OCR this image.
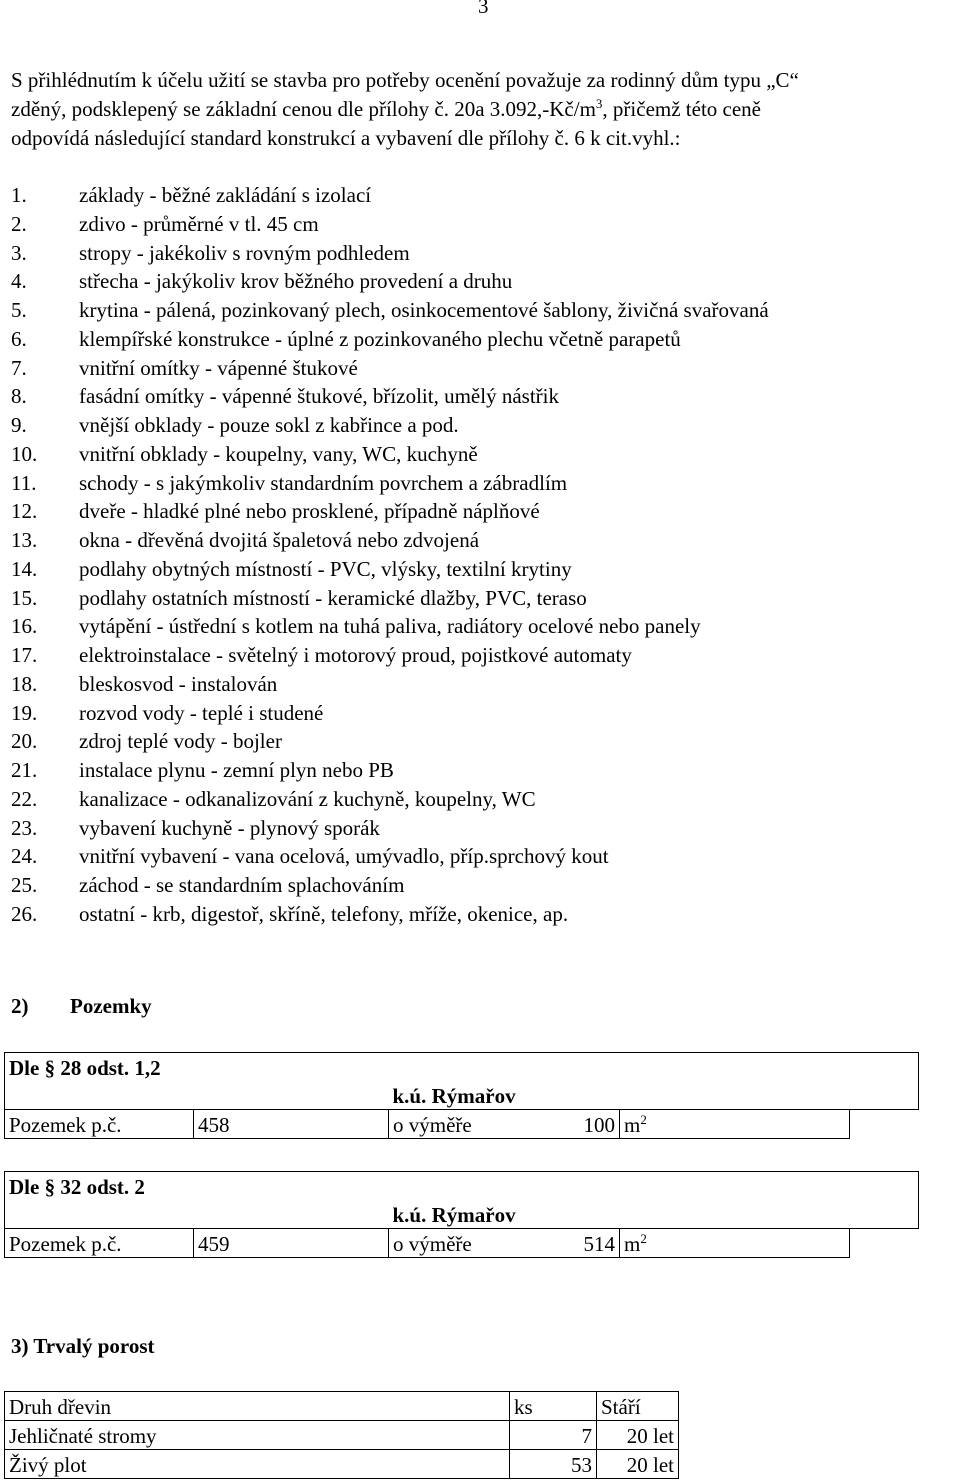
3
S přihlédnutím k účelu užití se stavba pro potřeby ocenění považuje za rodinný dům typu „C“
zděný, podsklepený se základní cenou dle přílohy č. 20a $3.092,-Kč/m^3$, přičemž této ceně
odpovídá následující standard konstrukcí a vybavení dle přílohy č. 6 k cit.vyhl.:
1. základy - běžné zakládání s izolací
2. zdivo - průměrné v tl. 45 cm
3. stropy - jakékoliv s rovným podhledem
4. střecha - jakýkoliv krov běžného provedení a druhu
5. krytina - pálená, pozinkovaný plech, osinkocementové šablony, živičná svařovaná
6. klempířské konstrukce - úplné z pozinkovaného plechu včetně parapetů
7. vnitřní omítky - vápenné štukové
8. fasádní omítky - vápenné štukové, břízolit, umělý nástřik
9. vnější obklady - pouze sokl z kabřince a pod.
10. vnitřní obklady - koupelny, vany, WC, kuchyně
11. schody - s jakýmkoliv standardním povrchem a zábradlím
12. dveře - hladké plné nebo prosklené, případně náplňové
13. okna - dřevěná dvojitá špaletová nebo zdvojená
14. podlahy obytných místností - PVC, vlýsky, textilní krytiny
15. podlahy ostatních místností - keramické dlažby, PVC, teraso
16. vytápění - ústřední s kotlem na tuhá paliva, radiátory ocelové nebo panely
17. elektroinstalace - světelný i motorový proud, pojistkové automaty
18. bleskosvod - instalován
19. rozvod vody - teplé i studené
20. zdroj teplé vody - bojler
21. instalace plynu - zemní plyn nebo PB
22. kanalizace - odkanalizování z kuchyně, koupelny, WC
23. vybavení kuchyně - plynový sporák
24. vnitřní vybavení - vana ocelová, umývadlo, příp.sprchový kout
25. záchod - se standardním splachováním
26. ostatní - krb, digestoř, skříně, telefony, mříže, okenice, ap.
2) Pozemky
Dle § 28 odst. 1,2				
		k.ú. Rýmařov		
Pozemek p.č.	458	o výměře 100	$m^2$
Dle § 32 odst. 2				
		k.ú. Rýmařov		
Pozemek p.č.	459	o výměře 514	$m^2$
3) Trvalý porost
Druh dřevin	ks	Stáří
Jehličnaté stromy	7	20 let
Živý plot	53	20 let
